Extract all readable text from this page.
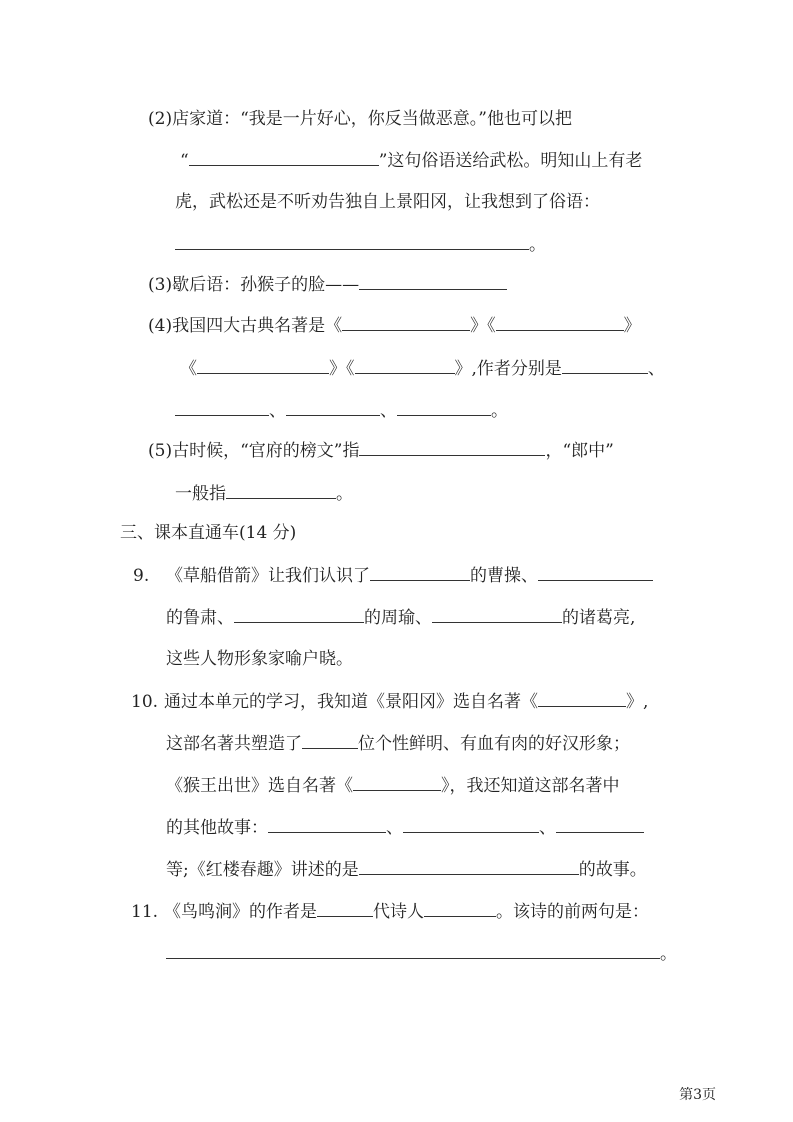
(2)店家道：“我是一片好心，你反当做恶意。”他也可以把
“	”这句俗语送给武松。明知山上有老
虎，武松还是不听劝告独自上景阳冈，让我想到了俗语：
。
(3)歇后语：孙猴子的脸——
(4)我国四大古典名著是《	》《	》
《	》《	》,作者分别是	、
、	、	。
(5)古时候，“官府的榜文”指	，“郎中”
一般指	。
三、课本直通车(14 分)
9. 《草船借箭》让我们认识了	的曹操、
的鲁肃、	的周瑜、	的诸葛亮,
这些人物形象家喻户晓。
10. 通过本单元的学习，我知道《景阳冈》选自名著《	》,
这部名著共塑造了	位个性鲜明、有血有肉的好汉形象；
《猴王出世》选自名著《	》，我还知道这部名著中
的其他故事：	、	、
等;《红楼春趣》讲述的是	的故事。
11. 《鸟鸣涧》的作者是	代诗人	。该诗的前两句是：
。
第3页
